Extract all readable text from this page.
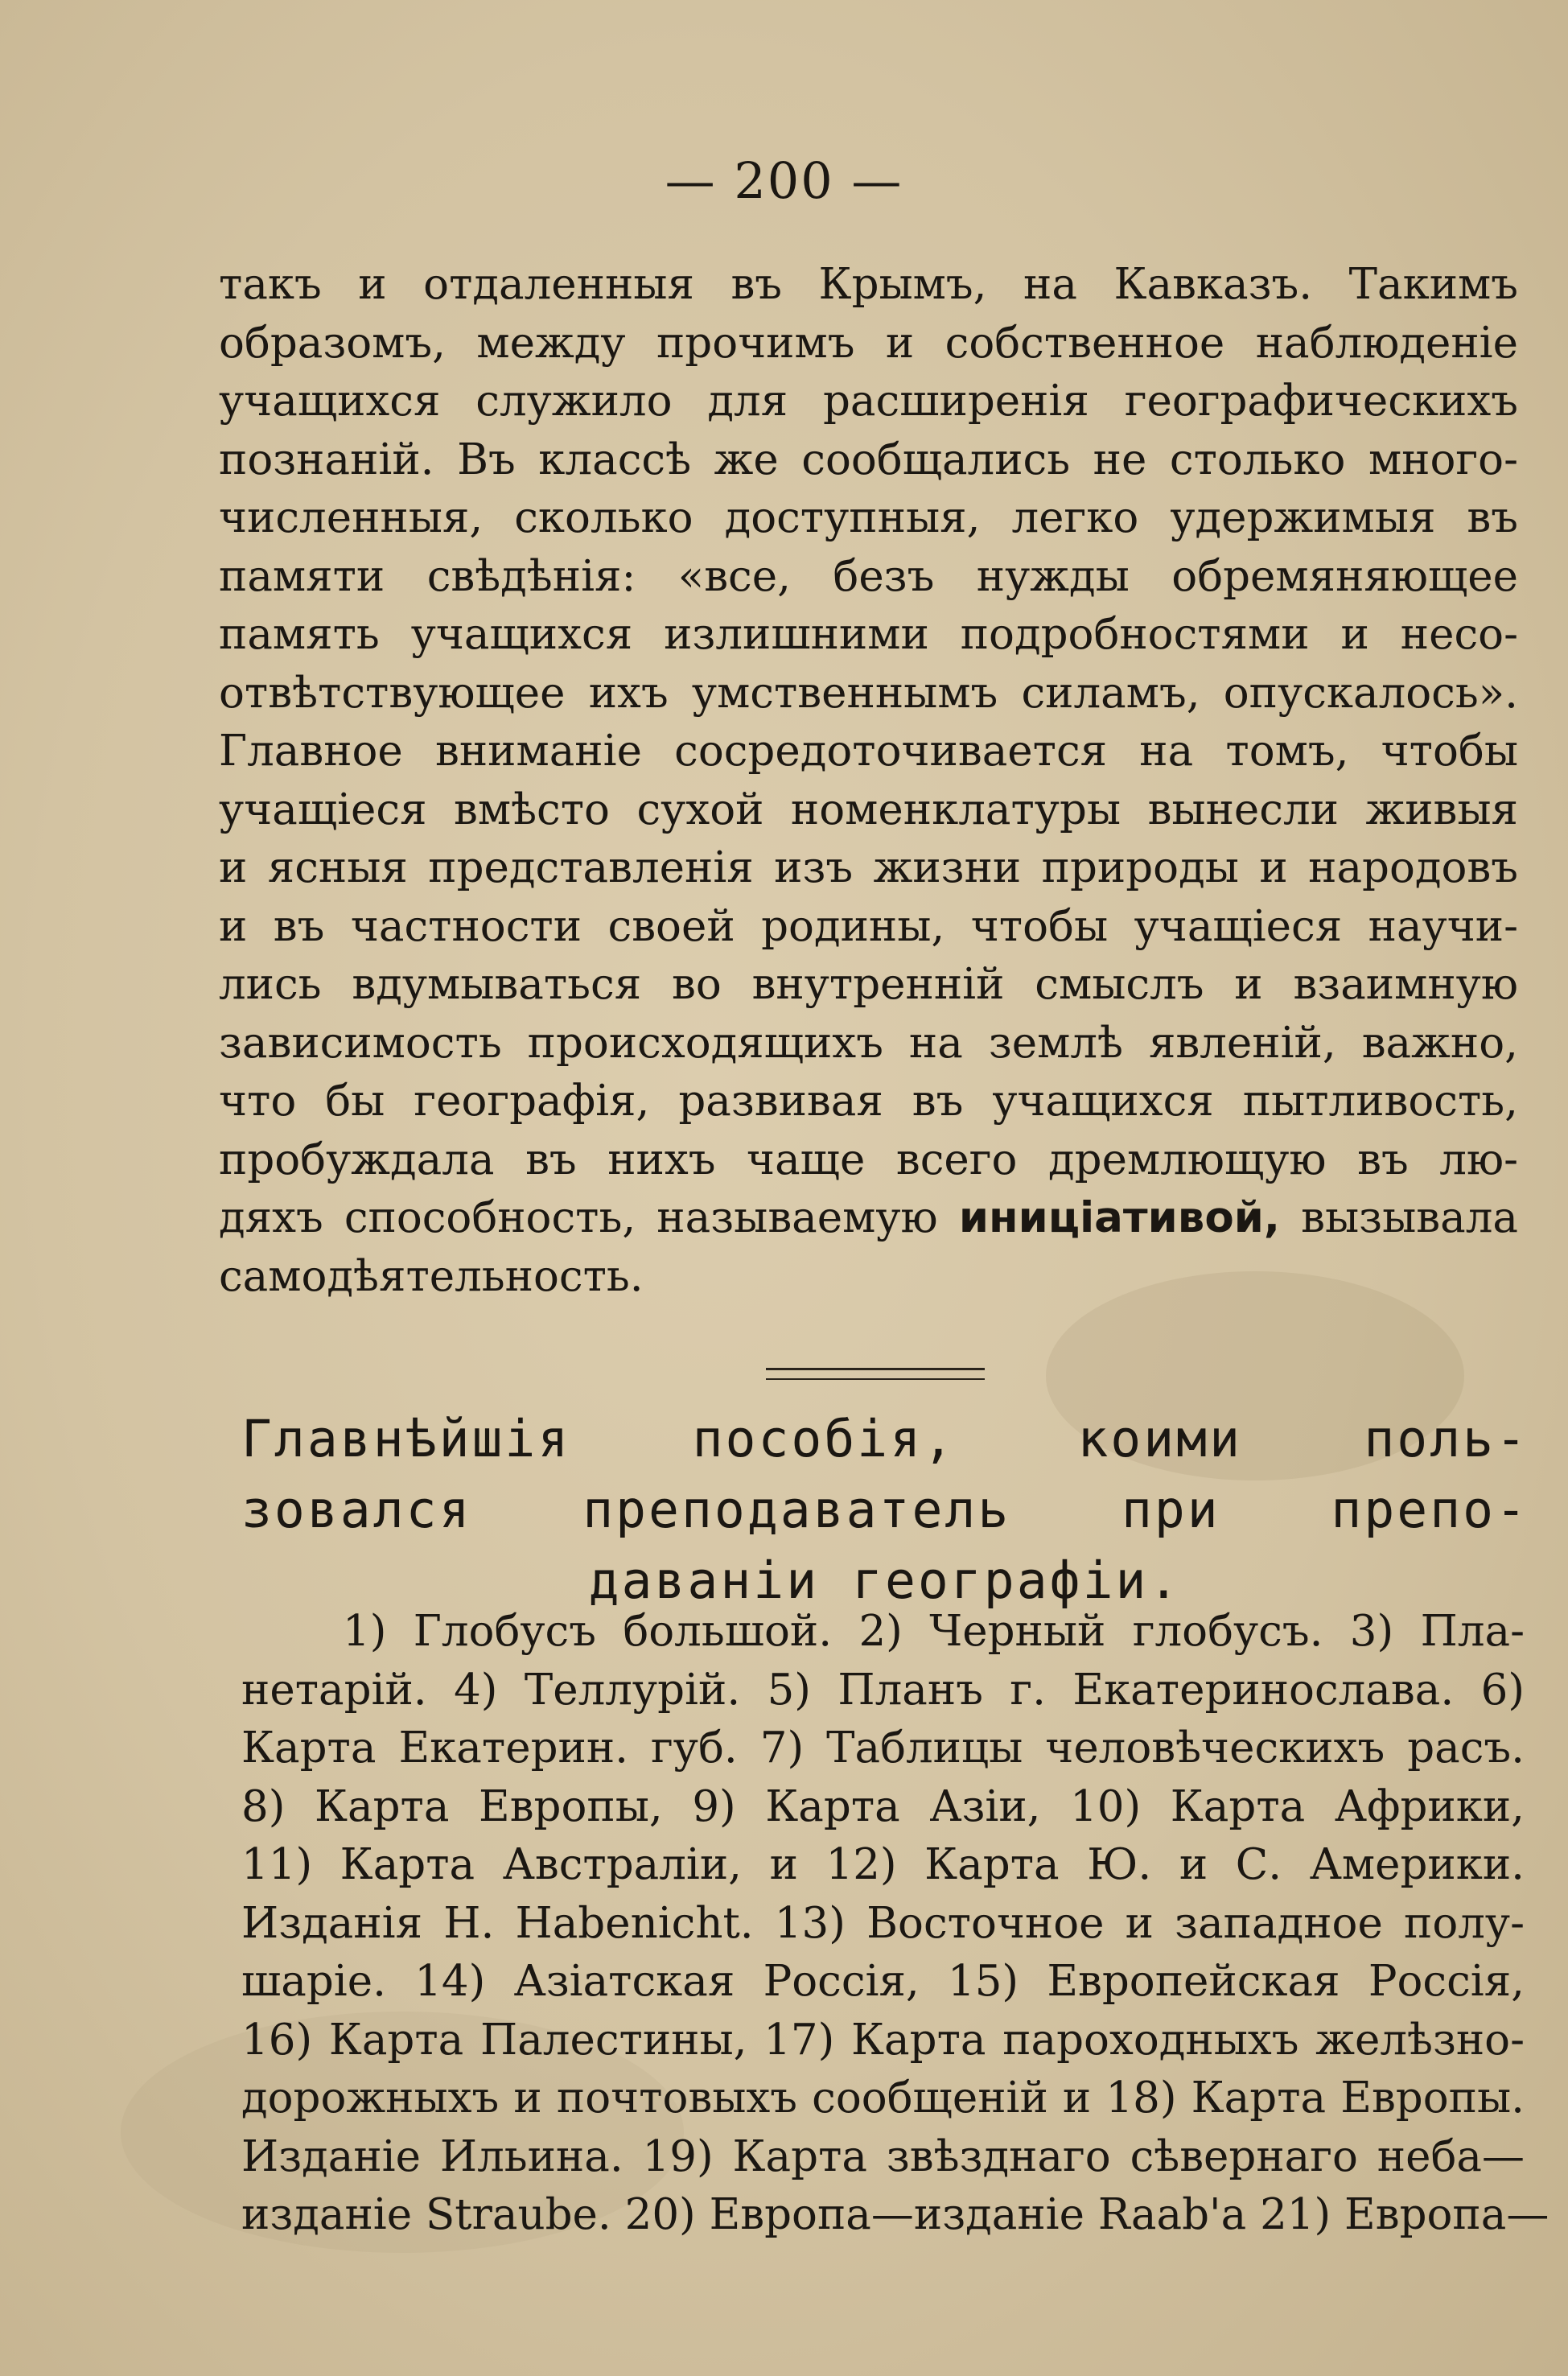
— 200 —
такъ и отдаленныя въ Крымъ, на Кавказъ. Такимъ
образомъ, между прочимъ и собственное наблюденіе
учащихся служило для расширенія географическихъ
познаній. Въ классѣ же сообщались не столько много-
численныя, сколько доступныя, легко удержимыя въ
памяти свѣдѣнія: «все, безъ нужды обремяняющее
память учащихся излишними подробностями и несо-
отвѣтствующее ихъ умственнымъ силамъ, опускалось».
Главное вниманіе сосредоточивается на томъ, чтобы
учащіеся вмѣсто сухой номенклатуры вынесли живыя
и ясныя представленія изъ жизни природы и народовъ
и въ частности своей родины, чтобы учащіеся научи-
лись вдумываться во внутренній смыслъ и взаимную
зависимость происходящихъ на землѣ явленій, важно,
что бы географія, развивая въ учащихся пытливость,
пробуждала въ нихъ чаще всего дремлющую въ лю-
дяхъ способность, называемую иниціативой, вызывала
самодѣятельность.
Главнѣйшія пособія, коими поль-
зовался преподаватель при препо-
даваніи географіи.
1) Глобусъ большой. 2) Черный глобусъ. 3) Пла-
нетарій. 4) Теллурій. 5) Планъ г. Екатеринослава. 6)
Карта Екатерин. губ. 7) Таблицы человѣческихъ расъ.
8) Карта Европы, 9) Карта Азіи, 10) Карта Африки,
11) Карта Австраліи, и 12) Карта Ю. и С. Америки.
Изданія Н. Habenicht. 13) Восточное и западное полу-
шаріе. 14) Азіатская Россія, 15) Европейская Россія,
16) Карта Палестины, 17) Карта пароходныхъ желѣзно-
дорожныхъ и почтовыхъ сообщеній и 18) Карта Европы.
Изданіе Ильина. 19) Карта звѣзднаго сѣвернаго неба—
изданіе Straube. 20) Европа—изданіе Raab'a 21) Европа—
